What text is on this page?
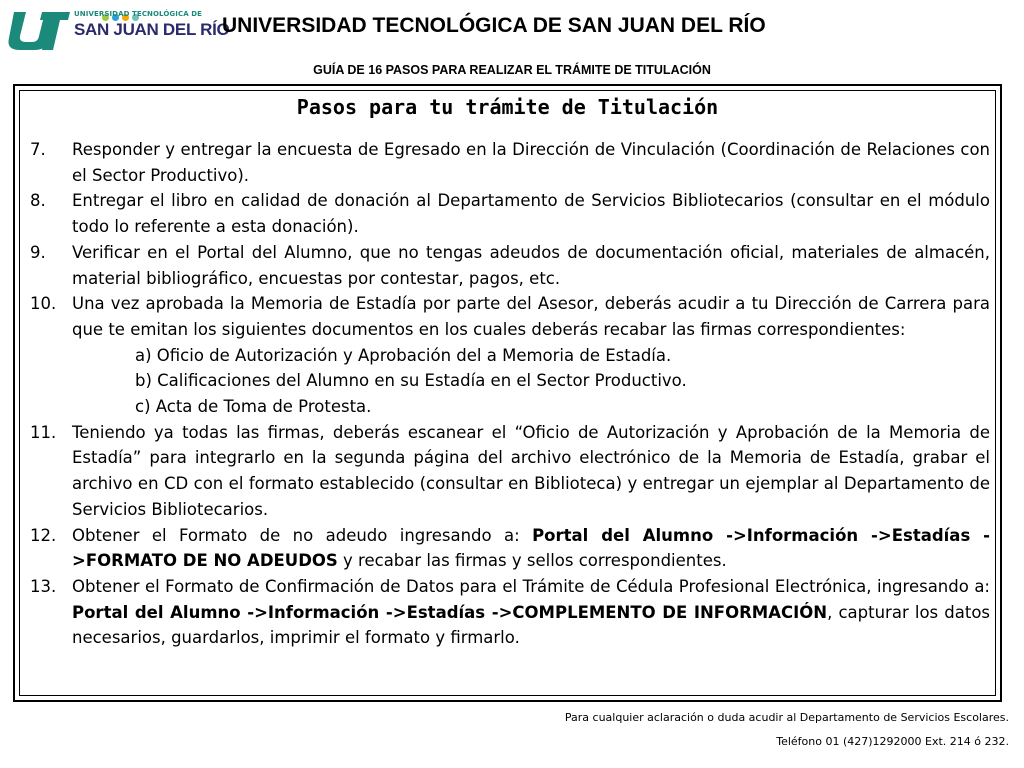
UNIVERSIDAD TECNOLÓGICA DE
SAN JUAN DEL RÍO
UNIVERSIDAD TECNOLÓGICA DE SAN JUAN DEL RÍO
GUÍA DE 16 PASOS PARA REALIZAR EL TRÁMITE DE TITULACIÓN
Pasos para tu trámite de Titulación
7. Responder y entregar la encuesta de Egresado en la Dirección de Vinculación (Coordinación de Relaciones con el Sector Productivo).
8. Entregar el libro en calidad de donación al Departamento de Servicios Bibliotecarios (consultar en el módulo todo lo referente a esta donación).
9. Verificar en el Portal del Alumno, que no tengas adeudos de documentación oficial, materiales de almacén, material bibliográfico, encuestas por contestar, pagos, etc.
10. Una vez aprobada la Memoria de Estadía por parte del Asesor, deberás acudir a tu Dirección de Carrera para que te emitan los siguientes documentos en los cuales deberás recabar las firmas correspondientes:
a) Oficio de Autorización y Aprobación del a Memoria de Estadía.
b) Calificaciones del Alumno en su Estadía en el Sector Productivo.
c) Acta de Toma de Protesta.
11. Teniendo ya todas las firmas, deberás escanear el “Oficio de Autorización y Aprobación de la Memoria de Estadía” para integrarlo en la segunda página del archivo electrónico de la Memoria de Estadía, grabar el archivo en CD con el formato establecido (consultar en Biblioteca) y entregar un ejemplar al Departamento de Servicios Bibliotecarios.
12. Obtener el Formato de no adeudo ingresando a: Portal del Alumno ->Información ->Estadías ->FORMATO DE NO ADEUDOS y recabar las firmas y sellos correspondientes.
13. Obtener el Formato de Confirmación de Datos para el Trámite de Cédula Profesional Electrónica, ingresando a: Portal del Alumno ->Información ->Estadías ->COMPLEMENTO DE INFORMACIÓN, capturar los datos necesarios, guardarlos, imprimir el formato y firmarlo.
Para cualquier aclaración o duda acudir al Departamento de Servicios Escolares.
Teléfono 01 (427)1292000 Ext. 214 ó 232.
